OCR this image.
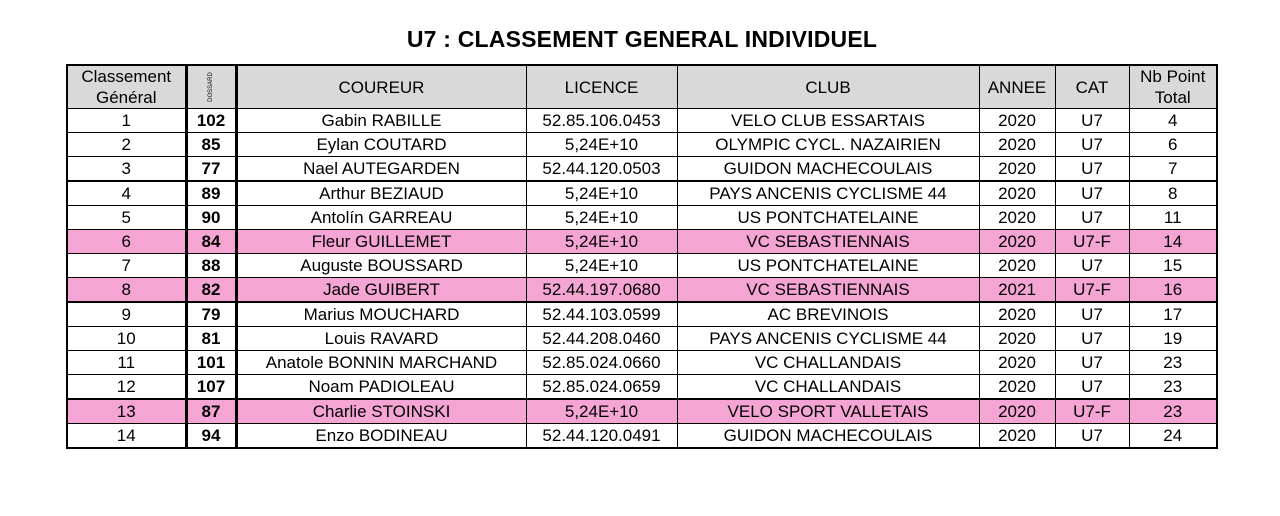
U7 : CLASSEMENT GENERAL INDIVIDUEL
Classement Général	DOSSARD	COUREUR	LICENCE	CLUB	ANNEE	CAT	Nb Point Total
1	102	Gabin RABILLE	52.85.106.0453	VELO CLUB ESSARTAIS	2020	U7	4
2	85	Eylan COUTARD	5,24E+10	OLYMPIC CYCL. NAZAIRIEN	2020	U7	6
3	77	Nael AUTEGARDEN	52.44.120.0503	GUIDON MACHECOULAIS	2020	U7	7
4	89	Arthur BEZIAUD	5,24E+10	PAYS ANCENIS CYCLISME 44	2020	U7	8
5	90	Antolín GARREAU	5,24E+10	US PONTCHATELAINE	2020	U7	11
6	84	Fleur GUILLEMET	5,24E+10	VC SEBASTIENNAIS	2020	U7-F	14
7	88	Auguste BOUSSARD	5,24E+10	US PONTCHATELAINE	2020	U7	15
8	82	Jade GUIBERT	52.44.197.0680	VC SEBASTIENNAIS	2021	U7-F	16
9	79	Marius MOUCHARD	52.44.103.0599	AC BREVINOIS	2020	U7	17
10	81	Louis RAVARD	52.44.208.0460	PAYS ANCENIS CYCLISME 44	2020	U7	19
11	101	Anatole BONNIN MARCHAND	52.85.024.0660	VC CHALLANDAIS	2020	U7	23
12	107	Noam PADIOLEAU	52.85.024.0659	VC CHALLANDAIS	2020	U7	23
13	87	Charlie STOINSKI	5,24E+10	VELO SPORT VALLETAIS	2020	U7-F	23
14	94	Enzo BODINEAU	52.44.120.0491	GUIDON MACHECOULAIS	2020	U7	24
